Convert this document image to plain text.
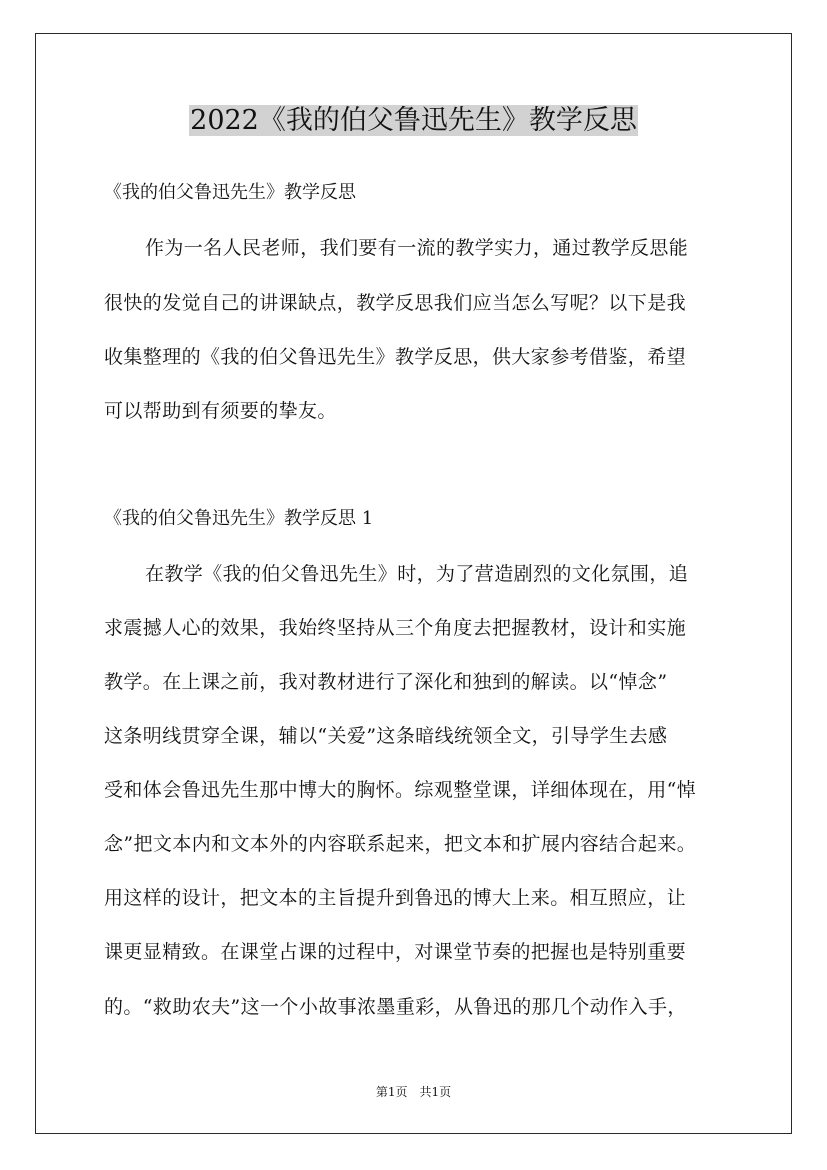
2022《我的伯父鲁迅先生》教学反思

《我的伯父鲁迅先生》教学反思

作为一名人民老师，我们要有一流的教学实力，通过教学反思能

很快的发觉自己的讲课缺点，教学反思我们应当怎么写呢？以下是我

收集整理的《我的伯父鲁迅先生》教学反思，供大家参考借鉴，希望

可以帮助到有须要的挚友。

《我的伯父鲁迅先生》教学反思 1

在教学《我的伯父鲁迅先生》时，为了营造剧烈的文化氛围，追

求震撼人心的效果，我始终坚持从三个角度去把握教材，设计和实施

教学。在上课之前，我对教材进行了深化和独到的解读。以“悼念”

这条明线贯穿全课，辅以“关爱”这条暗线统领全文，引导学生去感

受和体会鲁迅先生那中博大的胸怀。综观整堂课，详细体现在，用“悼

念”把文本内和文本外的内容联系起来，把文本和扩展内容结合起来。

用这样的设计，把文本的主旨提升到鲁迅的博大上来。相互照应，让

课更显精致。在课堂占课的过程中，对课堂节奏的把握也是特别重要

的。“救助农夫”这一个小故事浓墨重彩，从鲁迅的那几个动作入手，

第1页　共1页
